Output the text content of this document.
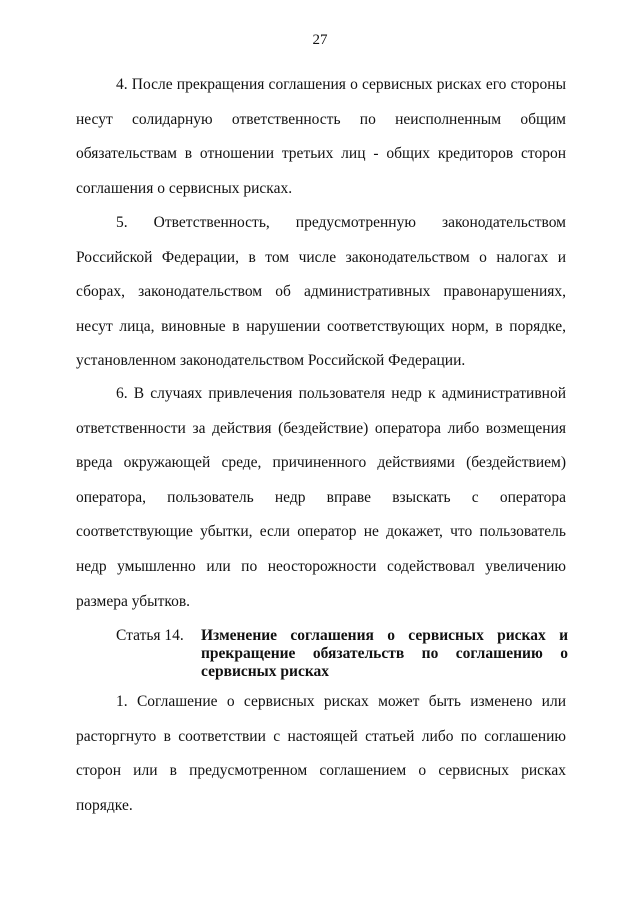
27

4. После прекращения соглашения о сервисных рисках его стороны несут солидарную ответственность по неисполненным общим обязательствам в отношении третьих лиц - общих кредиторов сторон соглашения о сервисных рисках.

5. Ответственность, предусмотренную законодательством Российской Федерации, в том числе законодательством о налогах и сборах, законодательством об административных правонарушениях, несут лица, виновные в нарушении соответствующих норм, в порядке, установленном законодательством Российской Федерации.

6. В случаях привлечения пользователя недр к административной ответственности за действия (бездействие) оператора либо возмещения вреда окружающей среде, причиненного действиями (бездействием) оператора, пользователь недр вправе взыскать с оператора соответствующие убытки, если оператор не докажет, что пользователь недр умышленно или по неосторожности содействовал увеличению размера убытков.

Статья 14. Изменение соглашения о сервисных рисках и прекращение обязательств по соглашению о сервисных рисках

1. Соглашение о сервисных рисках может быть изменено или расторгнуто в соответствии с настоящей статьей либо по соглашению сторон или в предусмотренном соглашением о сервисных рисках порядке.
